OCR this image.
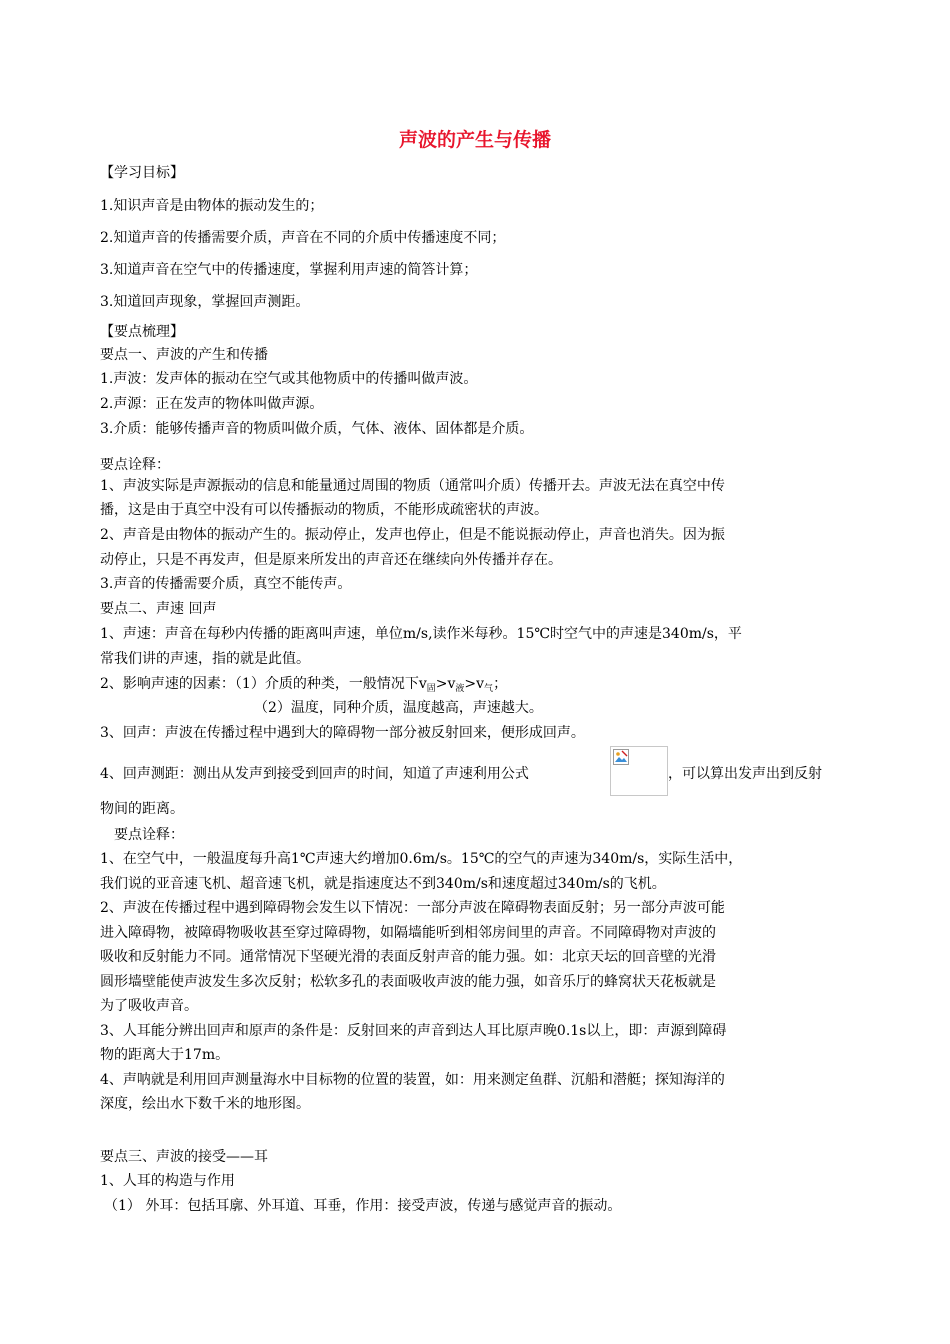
声波的产生与传播
【学习目标】
1.知识声音是由物体的振动发生的；
2.知道声音的传播需要介质，声音在不同的介质中传播速度不同；
3.知道声音在空气中的传播速度，掌握利用声速的简答计算；
3.知道回声现象，掌握回声测距。
【要点梳理】
要点一、声波的产生和传播
1.声波：发声体的振动在空气或其他物质中的传播叫做声波。
2.声源：正在发声的物体叫做声源。
3.介质：能够传播声音的物质叫做介质，气体、液体、固体都是介质。
要点诠释：
1、声波实际是声源振动的信息和能量通过周围的物质（通常叫介质）传播开去。声波无法在真空中传
播，这是由于真空中没有可以传播振动的物质，不能形成疏密状的声波。
2、声音是由物体的振动产生的。振动停止，发声也停止，但是不能说振动停止，声音也消失。因为振
动停止，只是不再发声，但是原来所发出的声音还在继续向外传播并存在。
3.声音的传播需要介质，真空不能传声。
要点二、声速 回声
1、声速：声音在每秒内传播的距离叫声速，单位m/s,读作米每秒。15℃时空气中的声速是340m/s，平
常我们讲的声速，指的就是此值。
2、影响声速的因素：（1）介质的种类，一般情况下$v_固>v_液>v_气$；
（2）温度，同种介质，温度越高，声速越大。
3、回声：声波在传播过程中遇到大的障碍物一部分被反射回来，便形成回声。
4、回声测距：测出从发声到接受到回声的时间，知道了声速利用公式	，可以算出发声出到反射
物间的距离。
要点诠释：
1、在空气中，一般温度每升高1℃声速大约增加0.6m/s。15℃的空气的声速为340m/s，实际生活中，
我们说的亚音速飞机、超音速飞机，就是指速度达不到340m/s和速度超过340m/s的飞机。
2、声波在传播过程中遇到障碍物会发生以下情况：一部分声波在障碍物表面反射；另一部分声波可能
进入障碍物，被障碍物吸收甚至穿过障碍物，如隔墙能听到相邻房间里的声音。不同障碍物对声波的
吸收和反射能力不同。通常情况下坚硬光滑的表面反射声音的能力强。如：北京天坛的回音壁的光滑
圆形墙壁能使声波发生多次反射；松软多孔的表面吸收声波的能力强，如音乐厅的蜂窝状天花板就是
为了吸收声音。
3、人耳能分辨出回声和原声的条件是：反射回来的声音到达人耳比原声晚0.1s以上，即：声源到障碍
物的距离大于17m。
4、声呐就是利用回声测量海水中目标物的位置的装置，如：用来测定鱼群、沉船和潜艇；探知海洋的
深度，绘出水下数千米的地形图。
要点三、声波的接受——耳
1、人耳的构造与作用
（1） 外耳：包括耳廓、外耳道、耳垂，作用：接受声波，传递与感觉声音的振动。
